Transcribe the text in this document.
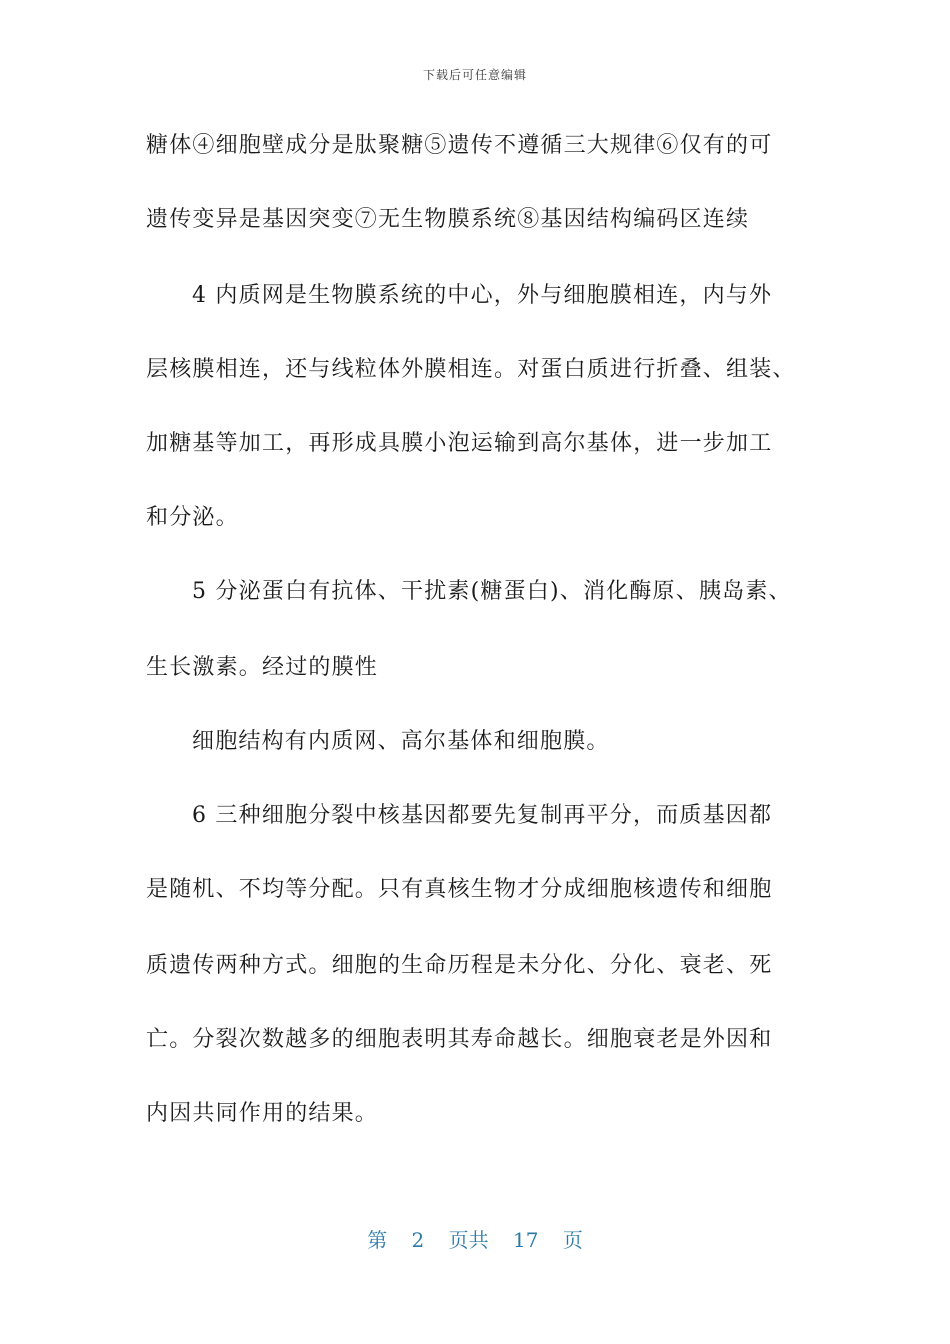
下载后可任意编辑
糖体④细胞壁成分是肽聚糖⑤遗传不遵循三大规律⑥仅有的可
遗传变异是基因突变⑦无生物膜系统⑧基因结构编码区连续
4 内质网是生物膜系统的中心，外与细胞膜相连，内与外
层核膜相连，还与线粒体外膜相连。对蛋白质进行折叠、组装、
加糖基等加工，再形成具膜小泡运输到高尔基体，进一步加工
和分泌。
5 分泌蛋白有抗体、干扰素(糖蛋白)、消化酶原、胰岛素、
生长激素。经过的膜性
细胞结构有内质网、高尔基体和细胞膜。
6 三种细胞分裂中核基因都要先复制再平分，而质基因都
是随机、不均等分配。只有真核生物才分成细胞核遗传和细胞
质遗传两种方式。细胞的生命历程是未分化、分化、衰老、死
亡。分裂次数越多的细胞表明其寿命越长。细胞衰老是外因和
内因共同作用的结果。
第 2 页共 17 页
